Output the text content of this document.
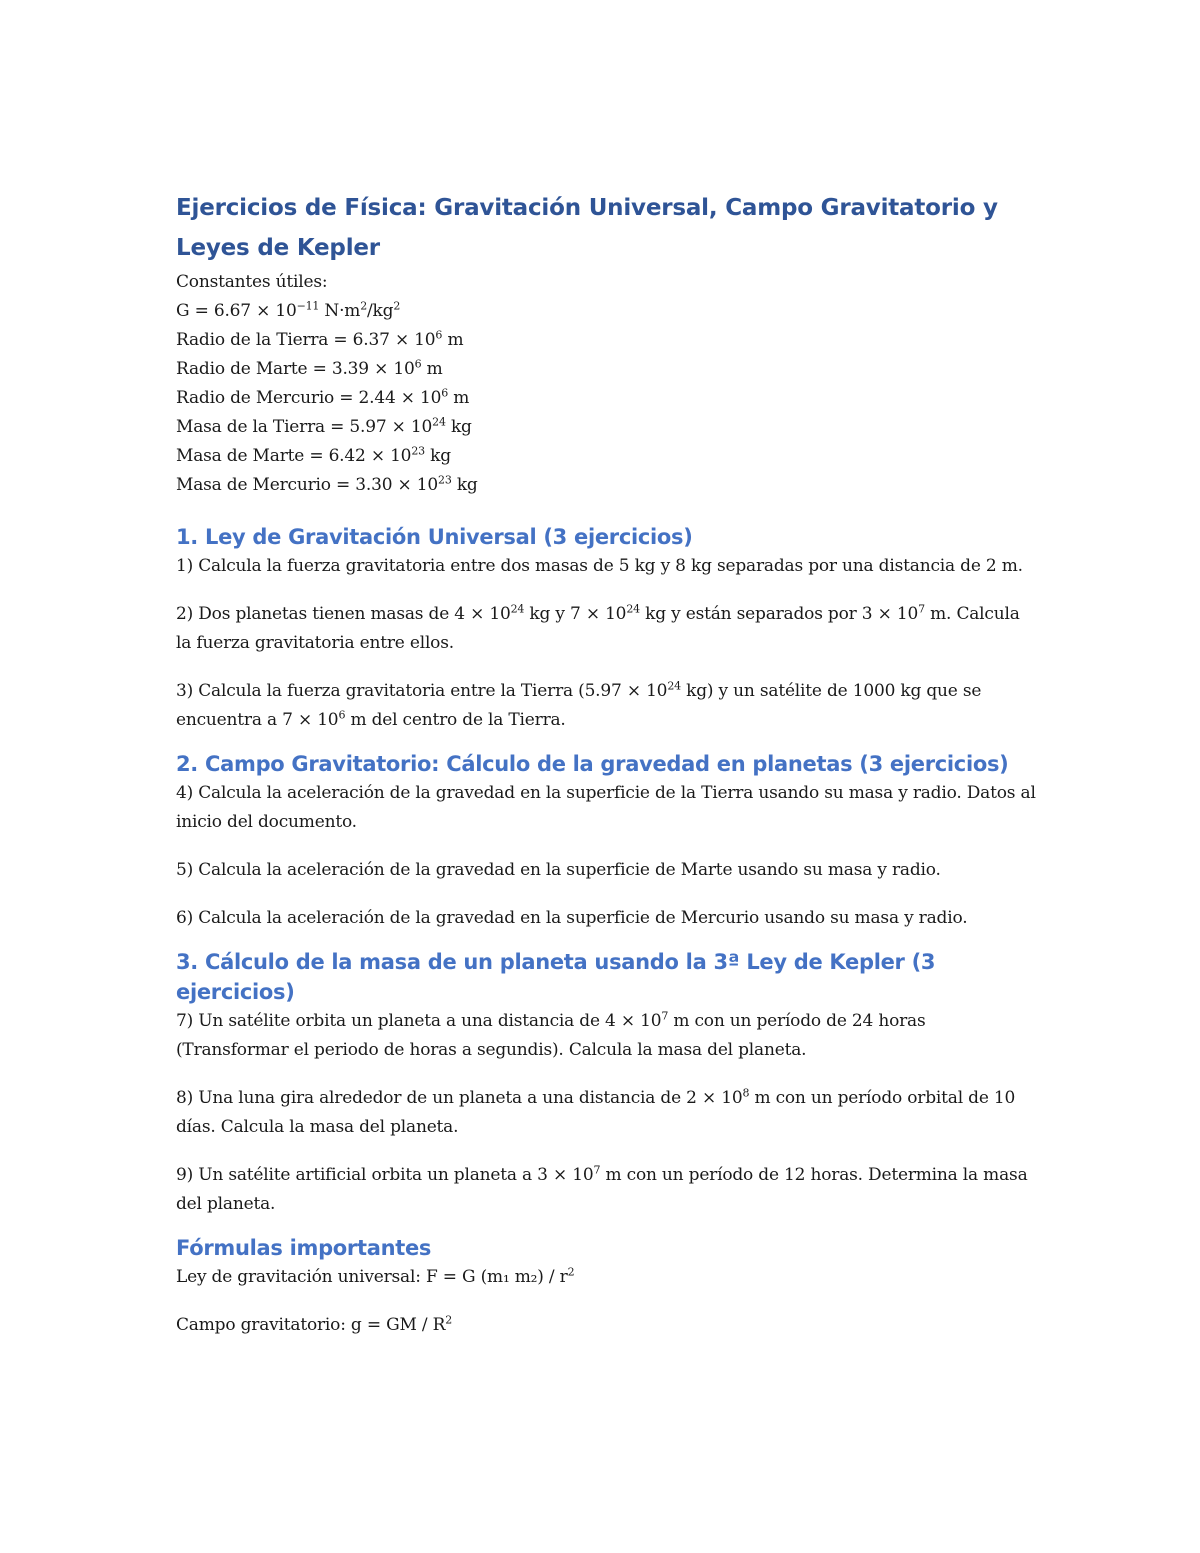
Ejercicios de Física: Gravitación Universal, Campo Gravitatorio y Leyes de Kepler

Constantes útiles:

$G = 6.67 \times 10^{-11}$ $N\cdot m^2/kg^2$

Radio de la Tierra = $6.37 \times 10^6$ m

Radio de Marte = $3.39 \times 10^6$ m

Radio de Mercurio = $2.44 \times 10^6$ m

Masa de la Tierra = $5.97 \times 10^{24}$ kg

Masa de Marte = $6.42 \times 10^{23}$ kg

Masa de Mercurio = $3.30 \times 10^{23}$ kg

1. Ley de Gravitación Universal (3 ejercicios)

1) Calcula la fuerza gravitatoria entre dos masas de 5 kg y 8 kg separadas por una distancia de 2 m.

2) Dos planetas tienen masas de $4 \times 10^{24}$ kg y $7 \times 10^{24}$ kg y están separados por $3 \times 10^7$ m. Calcula la fuerza gravitatoria entre ellos.

3) Calcula la fuerza gravitatoria entre la Tierra ($5.97 \times 10^{24}$ kg) y un satélite de 1000 kg que se encuentra a $7 \times 10^6$ m del centro de la Tierra.

2. Campo Gravitatorio: Cálculo de la gravedad en planetas (3 ejercicios)

4) Calcula la aceleración de la gravedad en la superficie de la Tierra usando su masa y radio. Datos al inicio del documento.

5) Calcula la aceleración de la gravedad en la superficie de Marte usando su masa y radio.

6) Calcula la aceleración de la gravedad en la superficie de Mercurio usando su masa y radio.

3. Cálculo de la masa de un planeta usando la 3ª Ley de Kepler (3 ejercicios)

7) Un satélite orbita un planeta a una distancia de $4 \times 10^7$ m con un período de 24 horas (Transformar el periodo de horas a segundis). Calcula la masa del planeta.

8) Una luna gira alrededor de un planeta a una distancia de $2 \times 10^8$ m con un período orbital de 10 días. Calcula la masa del planeta.

9) Un satélite artificial orbita un planeta a $3 \times 10^7$ m con un período de 12 horas. Determina la masa del planeta.

Fórmulas importantes

Ley de gravitación universal: F = G (m₁ $m_2) / r^2$

Campo gravitatorio: g = GM / $R^2$
